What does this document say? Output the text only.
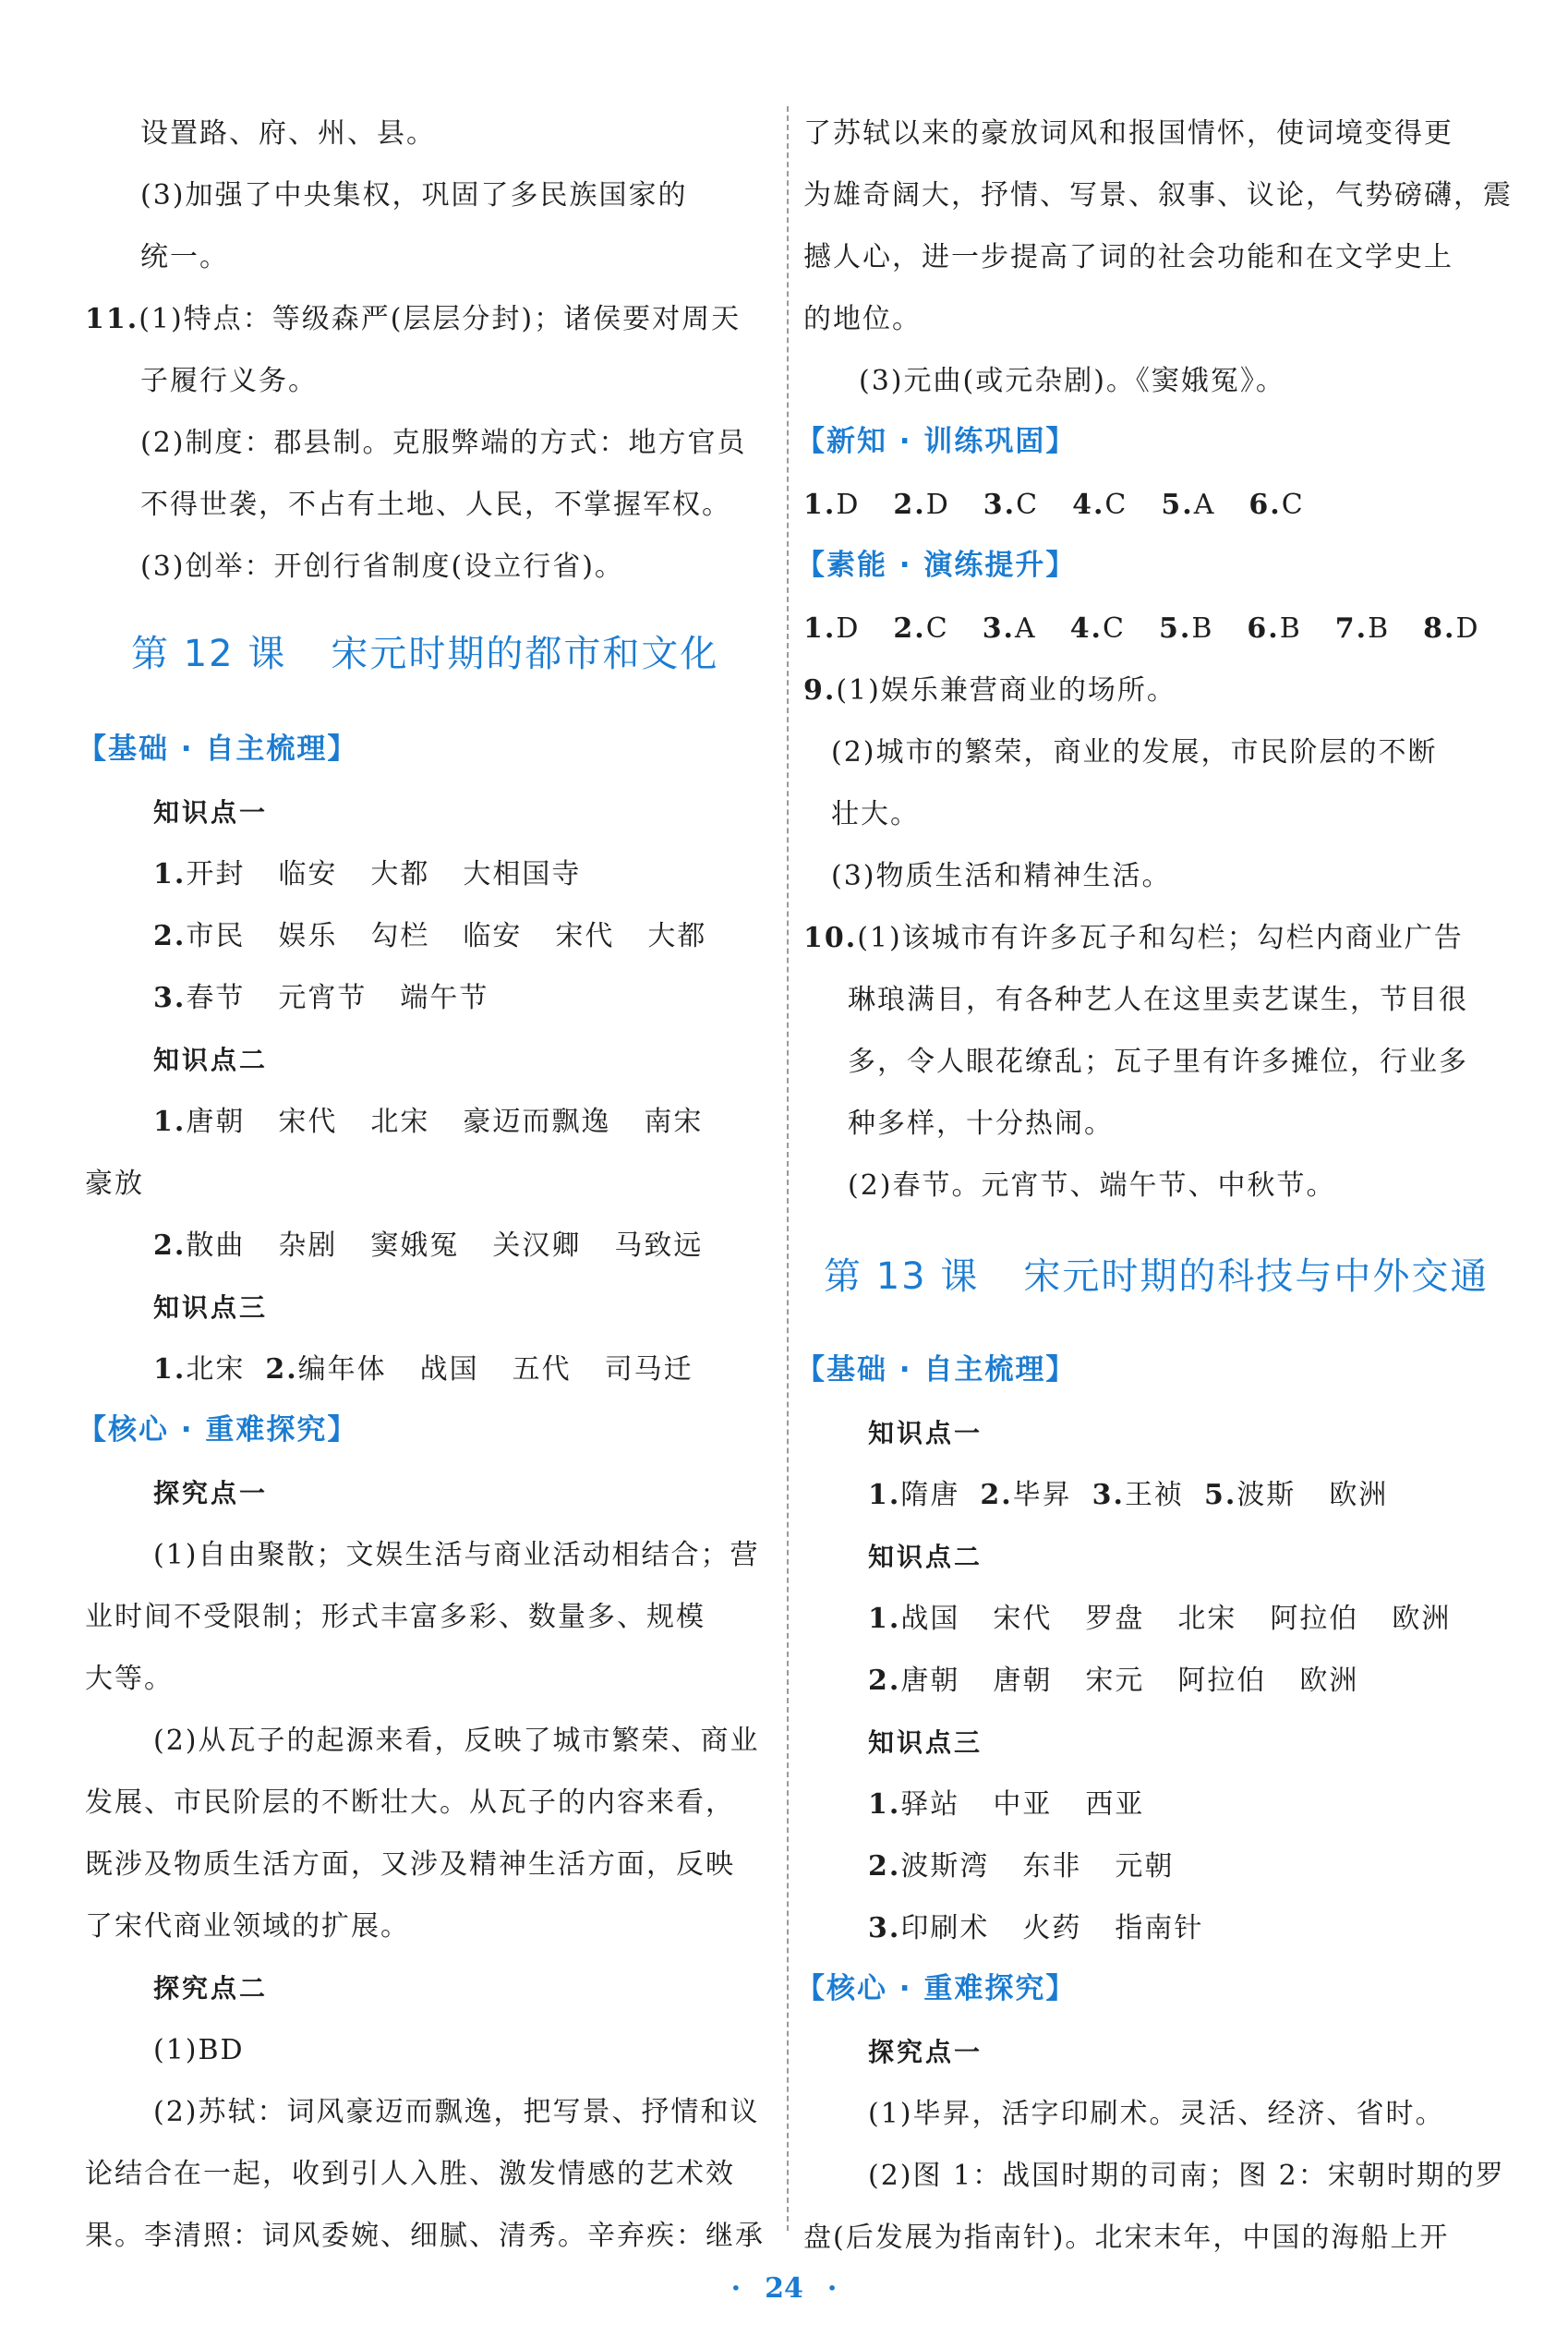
设置路、府、州、县。
(3)加强了中央集权，巩固了多民族国家的
统一。
11.(1)特点：等级森严(层层分封)；诸侯要对周天
子履行义务。
(2)制度：郡县制。克服弊端的方式：地方官员
不得世袭，不占有土地、人民，不掌握军权。
(3)创举：开创行省制度(设立行省)。
第 12 课 宋元时期的都市和文化
【基础 · 自主梳理】
知识点一
1.开封 临安 大都 大相国寺
2.市民 娱乐 勾栏 临安 宋代 大都
3.春节 元宵节 端午节
知识点二
1.唐朝 宋代 北宋 豪迈而飘逸 南宋
豪放
2.散曲 杂剧 窦娥冤 关汉卿 马致远
知识点三
1.北宋 2.编年体 战国 五代 司马迁
【核心 · 重难探究】
探究点一
(1)自由聚散；文娱生活与商业活动相结合；营
业时间不受限制；形式丰富多彩、数量多、规模
大等。
(2)从瓦子的起源来看，反映了城市繁荣、商业
发展、市民阶层的不断壮大。从瓦子的内容来看，
既涉及物质生活方面，又涉及精神生活方面，反映
了宋代商业领域的扩展。
探究点二
(1)BD
(2)苏轼：词风豪迈而飘逸，把写景、抒情和议
论结合在一起，收到引人入胜、激发情感的艺术效
果。李清照：词风委婉、细腻、清秀。辛弃疾：继承
了苏轼以来的豪放词风和报国情怀，使词境变得更
为雄奇阔大，抒情、写景、叙事、议论，气势磅礴，震
撼人心，进一步提高了词的社会功能和在文学史上
的地位。
(3)元曲(或元杂剧)。《窦娥冤》。
【新知 · 训练巩固】
1.D 2.D 3.C 4.C 5.A 6.C
【素能 · 演练提升】
1.D 2.C 3.A 4.C 5.B 6.B 7.B 8.D
9.(1)娱乐兼营商业的场所。
(2)城市的繁荣，商业的发展，市民阶层的不断
壮大。
(3)物质生活和精神生活。
10.(1)该城市有许多瓦子和勾栏；勾栏内商业广告
琳琅满目，有各种艺人在这里卖艺谋生，节目很
多，令人眼花缭乱；瓦子里有许多摊位，行业多
种多样，十分热闹。
(2)春节。元宵节、端午节、中秋节。
第 13 课 宋元时期的科技与中外交通
【基础 · 自主梳理】
知识点一
1.隋唐 2.毕昇 3.王祯 5.波斯 欧洲
知识点二
1.战国 宋代 罗盘 北宋 阿拉伯 欧洲
2.唐朝 唐朝 宋元 阿拉伯 欧洲
知识点三
1.驿站 中亚 西亚
2.波斯湾 东非 元朝
3.印刷术 火药 指南针
【核心 · 重难探究】
探究点一
(1)毕昇，活字印刷术。灵活、经济、省时。
(2)图 1：战国时期的司南；图 2：宋朝时期的罗
盘(后发展为指南针)。北宋末年，中国的海船上开
· 24 ·
